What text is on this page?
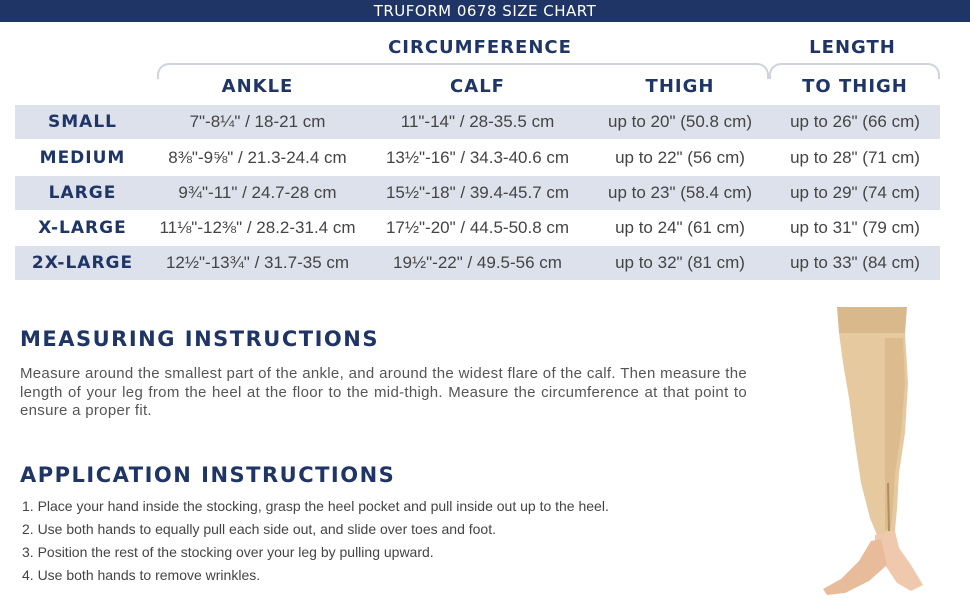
TRUFORM 0678 SIZE CHART
CIRCUMFERENCE	LENGTH
ANKLE	CALF	THIGH	TO THIGH
SMALL	7"-8¼" / 18-21 cm	11"-14" / 28-35.5 cm	up to 20" (50.8 cm)	up to 26" (66 cm)
MEDIUM	8⅜"-9⅝" / 21.3-24.4 cm	13½"-16" / 34.3-40.6 cm	up to 22" (56 cm)	up to 28" (71 cm)
LARGE	9¾"-11" / 24.7-28 cm	15½"-18" / 39.4-45.7 cm	up to 23" (58.4 cm)	up to 29" (74 cm)
X-LARGE	11⅛"-12⅜" / 28.2-31.4 cm	17½"-20" / 44.5-50.8 cm	up to 24" (61 cm)	up to 31" (79 cm)
2X-LARGE	12½"-13¾" / 31.7-35 cm	19½"-22" / 49.5-56 cm	up to 32" (81 cm)	up to 33" (84 cm)
MEASURING INSTRUCTIONS
Measure around the smallest part of the ankle, and around the widest flare of the calf. Then measure the length of your leg from the heel at the floor to the mid-thigh. Measure the circumference at that point to ensure a proper fit.
APPLICATION INSTRUCTIONS
1. Place your hand inside the stocking, grasp the heel pocket and pull inside out up to the heel.
2. Use both hands to equally pull each side out, and slide over toes and foot.
3. Position the rest of the stocking over your leg by pulling upward.
4. Use both hands to remove wrinkles.
